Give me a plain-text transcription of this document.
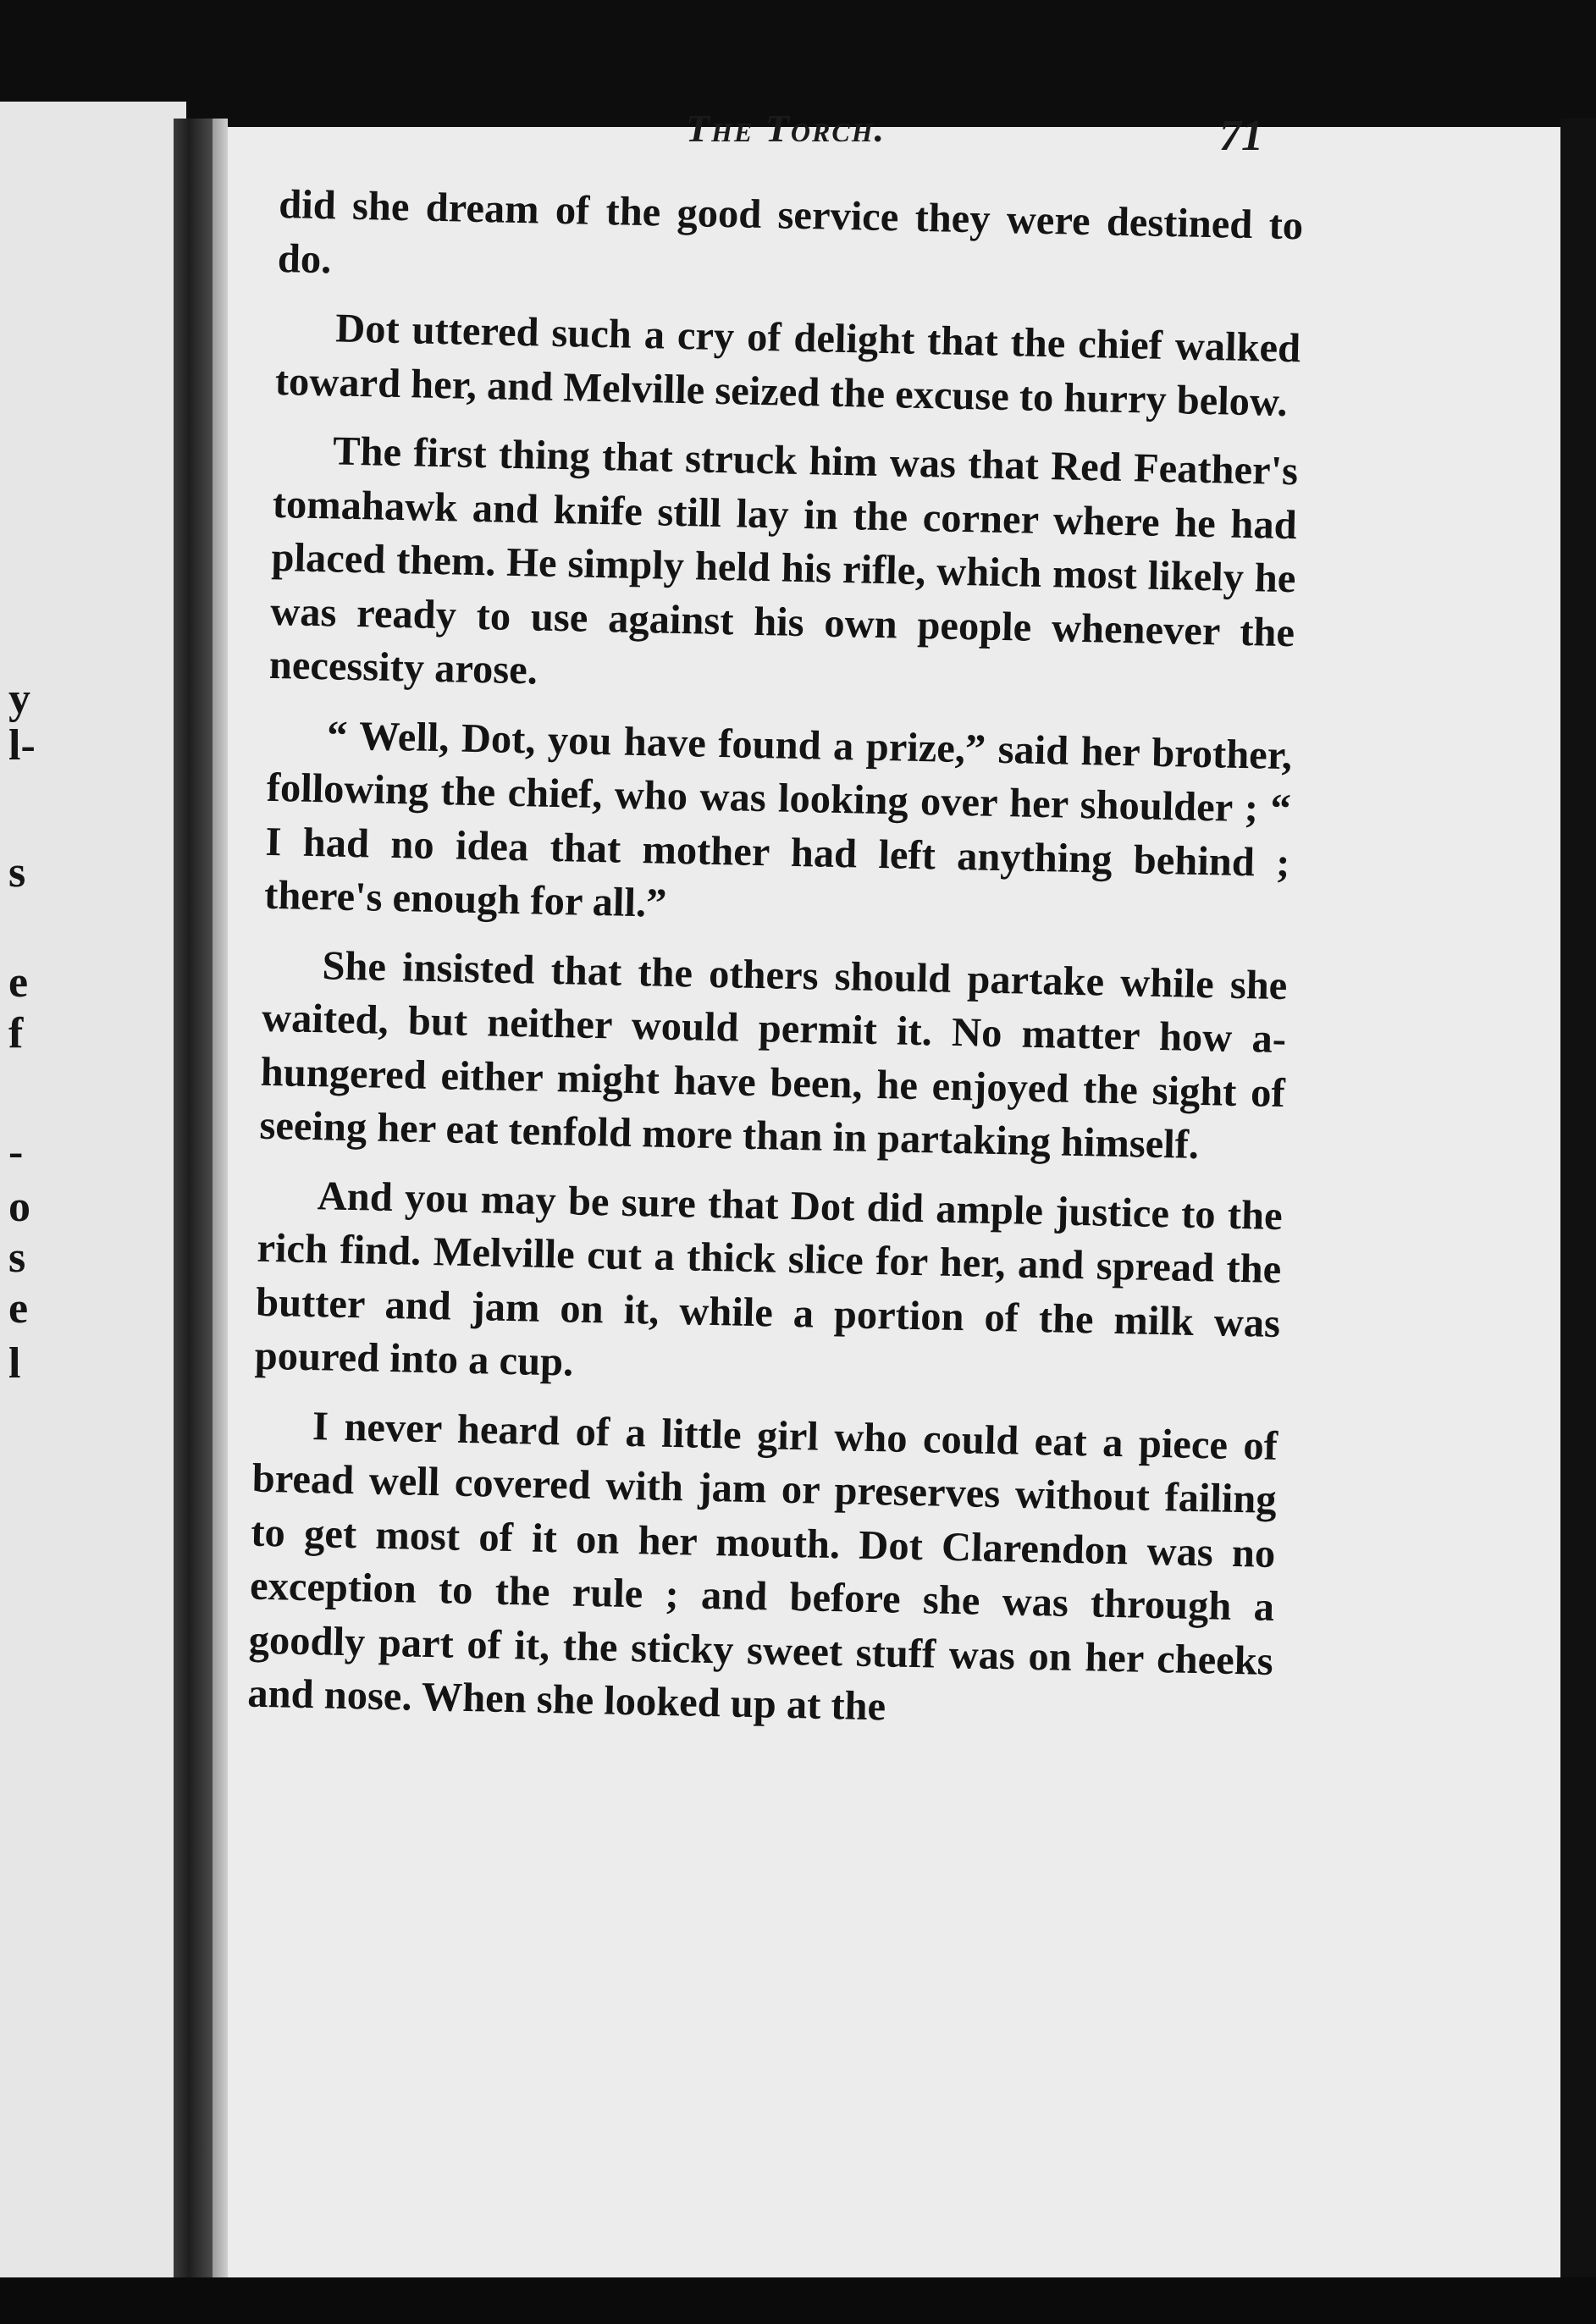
y
l-
s
e
f
-
o
s
e
l
The Torch.	71

did she dream of the good service they were destined to do.

Dot uttered such a cry of delight that the chief walked toward her, and Melville seized the excuse to hurry below.

The first thing that struck him was that Red Feather's tomahawk and knife still lay in the corner where he had placed them. He simply held his rifle, which most likely he was ready to use against his own people whenever the necessity arose.

“ Well, Dot, you have found a prize,” said her brother, following the chief, who was looking over her shoulder ; “ I had no idea that mother had left anything behind ; there's enough for all.”

She insisted that the others should partake while she waited, but neither would permit it. No matter how a-hungered either might have been, he enjoyed the sight of seeing her eat tenfold more than in partaking himself.

And you may be sure that Dot did ample justice to the rich find. Melville cut a thick slice for her, and spread the butter and jam on it, while a portion of the milk was poured into a cup.

I never heard of a little girl who could eat a piece of bread well covered with jam or preserves without failing to get most of it on her mouth. Dot Clarendon was no exception to the rule ; and before she was through a goodly part of it, the sticky sweet stuff was on her cheeks and nose. When she looked up at the
